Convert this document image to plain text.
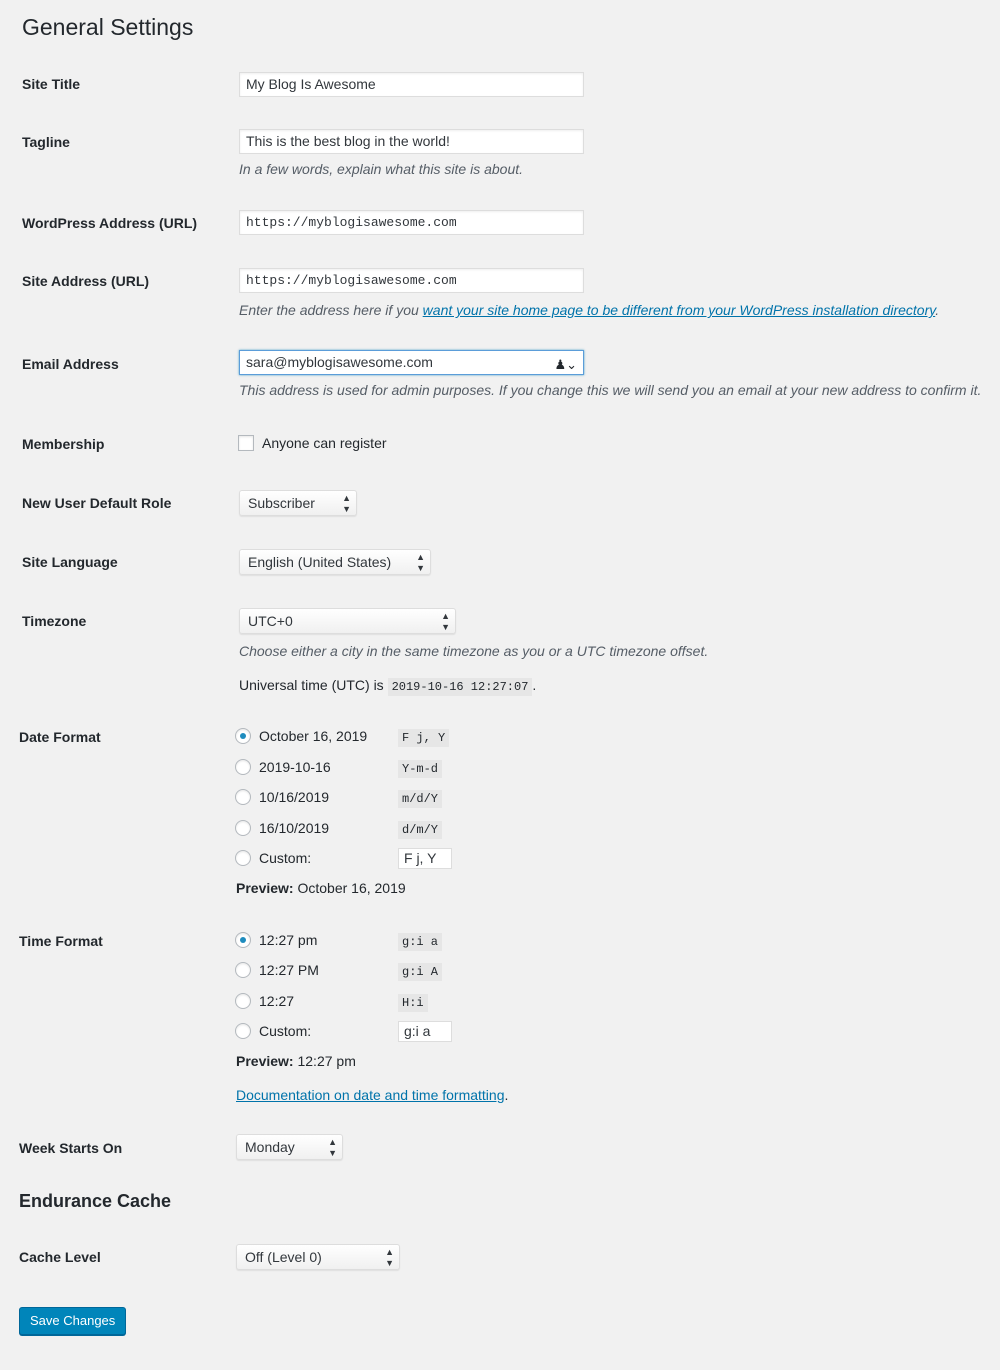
General Settings
Site Title	My Blog Is Awesome
Tagline	This is the best blog in the world!
In a few words, explain what this site is about.
WordPress Address (URL)	https://myblogisawesome.com
Site Address (URL)	https://myblogisawesome.com
Enter the address here if you want your site home page to be different from your WordPress installation directory.
Email Address	sara@myblogisawesome.com	♟⌄
This address is used for admin purposes. If you change this we will send you an email at your new address to confirm it.
Membership	Anyone can register
New User Default Role	Subscriber	▲
▼
Site Language	English (United States)	▲
▼
Timezone	UTC+0	▲
▼
Choose either a city in the same timezone as you or a UTC timezone offset.
Universal time (UTC) is 2019-10-16 12:27:07 .
Date Format	October 16, 2019	F j, Y
2019-10-16	Y-m-d
10/16/2019	m/d/Y
16/10/2019	d/m/Y
Custom:	F j, Y
Preview: October 16, 2019
Time Format	12:27 pm	g:i a
12:27 PM	g:i A
12:27	H:i
Custom:	g:i a
Preview: 12:27 pm
Documentation on date and time formatting.
Week Starts On	Monday	▲
▼
Endurance Cache
Cache Level	Off (Level 0)	▲
▼
Save Changes
